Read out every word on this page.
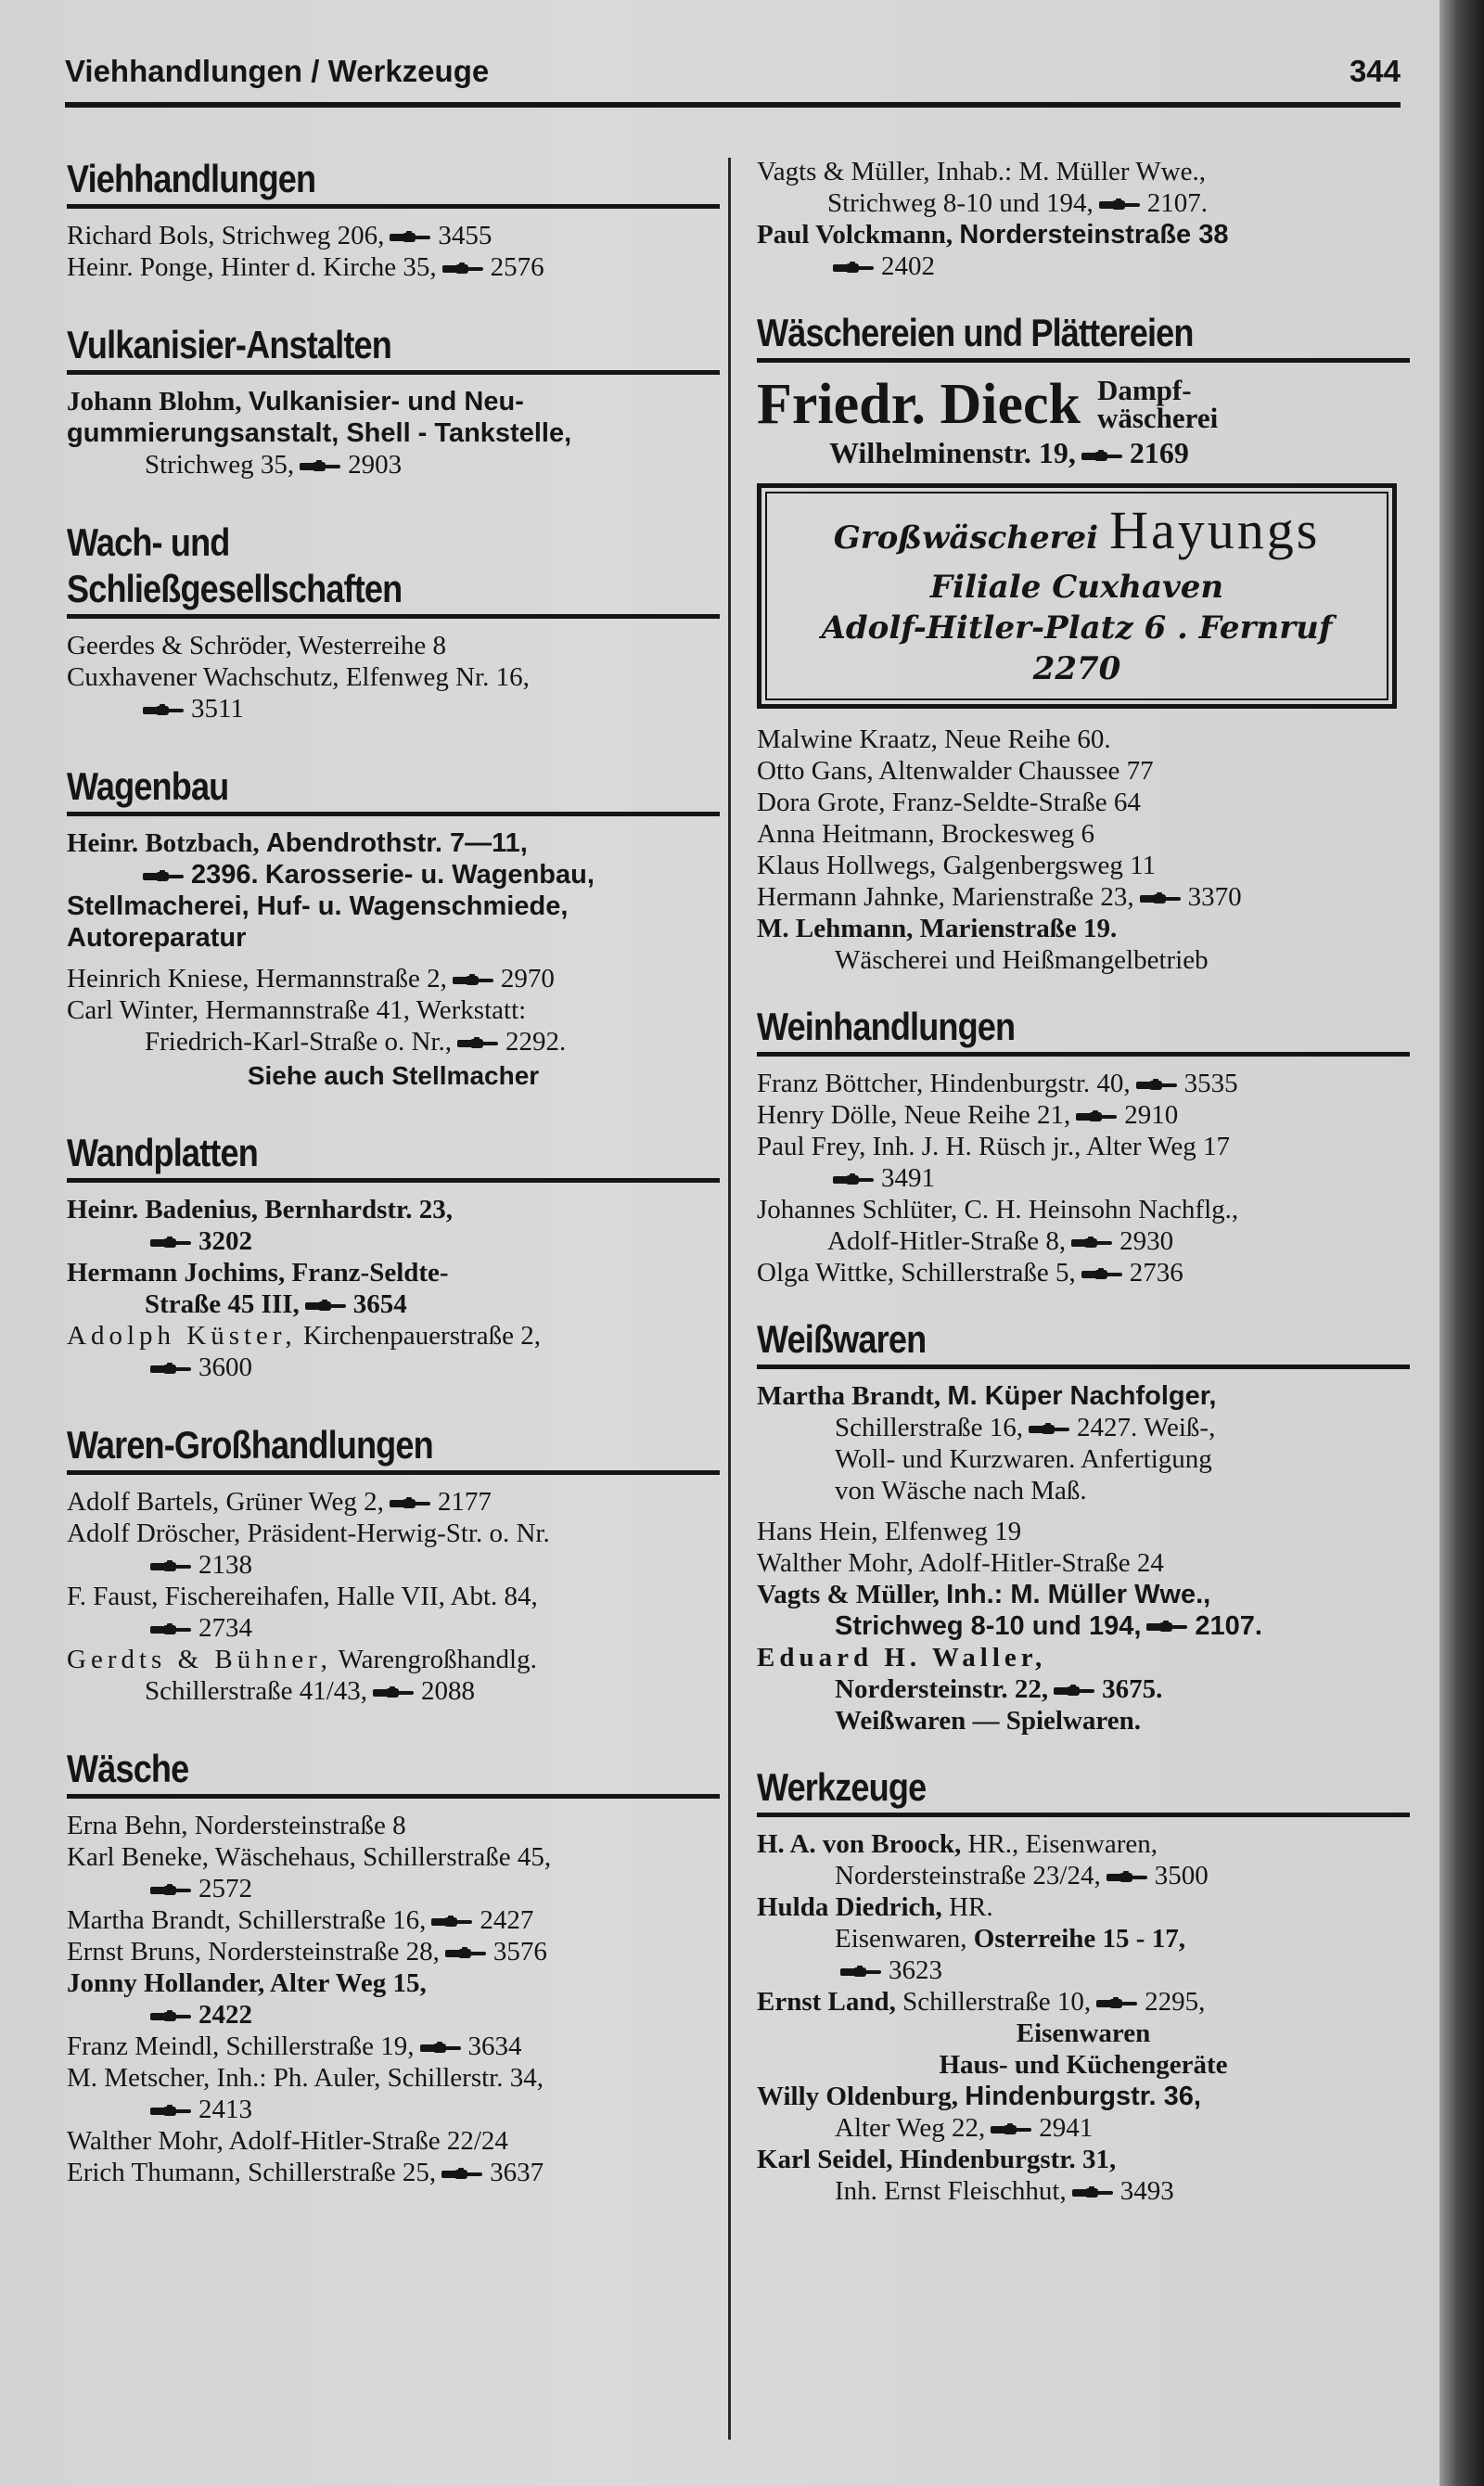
Viehhandlungen / Werkzeuge	344
Viehhandlungen

Richard Bols, Strichweg 206, 3455

Heinr. Ponge, Hinter d. Kirche 35, 2576

Vulkanisier-Anstalten

Johann Blohm, Vulkanisier- und Neu-
gummierungsanstalt, Shell - Tankstelle,
Strichweg 35, 2903

Wach- und
Schließgesellschaften

Geerdes & Schröder, Westerreihe 8

Cuxhavener Wachschutz, Elfenweg Nr. 16,
3511

Wagenbau

Heinr. Botzbach, Abendrothstr. 7—11,
2396. Karosserie- u. Wagenbau,
Stellmacherei, Huf- u. Wagenschmiede,
Autoreparatur

Heinrich Kniese, Hermannstraße 2, 2970

Carl Winter, Hermannstraße 41, Werkstatt:
Friedrich-Karl-Straße o. Nr., 2292.

Siehe auch Stellmacher
Wandplatten

Heinr. Badenius, Bernhardstr. 23,
3202

Hermann Jochims, Franz-Seldte-
Straße 45 III, 3654

Adolph Küster, Kirchenpauerstraße 2,
3600

Waren-Großhandlungen

Adolf Bartels, Grüner Weg 2, 2177

Adolf Dröscher, Präsident-Herwig-Str. o. Nr.
2138

F. Faust, Fischereihafen, Halle VII, Abt. 84,
2734

Gerdts & Bühner, Warengroßhandlg.
Schillerstraße 41/43, 2088

Wäsche

Erna Behn, Nordersteinstraße 8

Karl Beneke, Wäschehaus, Schillerstraße 45,
2572

Martha Brandt, Schillerstraße 16, 2427

Ernst Bruns, Nordersteinstraße 28, 3576

Jonny Hollander, Alter Weg 15,
2422

Franz Meindl, Schillerstraße 19, 3634

M. Metscher, Inh.: Ph. Auler, Schillerstr. 34,
2413

Walther Mohr, Adolf-Hitler-Straße 22/24

Erich Thumann, Schillerstraße 25, 3637

Vagts & Müller, Inhab.: M. Müller Wwe.,
Strichweg 8-10 und 194, 2107.

Paul Volckmann, Nordersteinstraße 38
2402

Wäschereien und Plättereien
Friedr. Dieck Dampf-
wäscherei
Wilhelminenstr. 19, 2169
Großwäscherei Hayungs
Filiale Cuxhaven
Adolf-Hitler-Platz 6 . Fernruf 2270

Malwine Kraatz, Neue Reihe 60.

Otto Gans, Altenwalder Chaussee 77

Dora Grote, Franz-Seldte-Straße 64

Anna Heitmann, Brockesweg 6

Klaus Hollwegs, Galgenbergsweg 11

Hermann Jahnke, Marienstraße 23, 3370

M. Lehmann, Marienstraße 19.
Wäscherei und Heißmangelbetrieb

Weinhandlungen

Franz Böttcher, Hindenburgstr. 40, 3535

Henry Dölle, Neue Reihe 21, 2910

Paul Frey, Inh. J. H. Rüsch jr., Alter Weg 17
3491

Johannes Schlüter, C. H. Heinsohn Nachflg.,
Adolf-Hitler-Straße 8, 2930

Olga Wittke, Schillerstraße 5, 2736

Weißwaren

Martha Brandt, M. Küper Nachfolger,
Schillerstraße 16, 2427. Weiß-,
Woll- und Kurzwaren. Anfertigung
von Wäsche nach Maß.

Hans Hein, Elfenweg 19

Walther Mohr, Adolf-Hitler-Straße 24

Vagts & Müller, Inh.: M. Müller Wwe.,
Strichweg 8-10 und 194, 2107.

Eduard H. Waller,
Nordersteinstr. 22, 3675.
Weißwaren — Spielwaren.

Werkzeuge

H. A. von Broock, HR., Eisenwaren,
Nordersteinstraße 23/24, 3500

Hulda Diedrich, HR.
Eisenwaren, Osterreihe 15 - 17,
3623

Ernst Land, Schillerstraße 10, 2295,
Eisenwaren
Haus- und Küchengeräte

Willy Oldenburg, Hindenburgstr. 36,
Alter Weg 22, 2941

Karl Seidel, Hindenburgstr. 31,
Inh. Ernst Fleischhut, 3493
